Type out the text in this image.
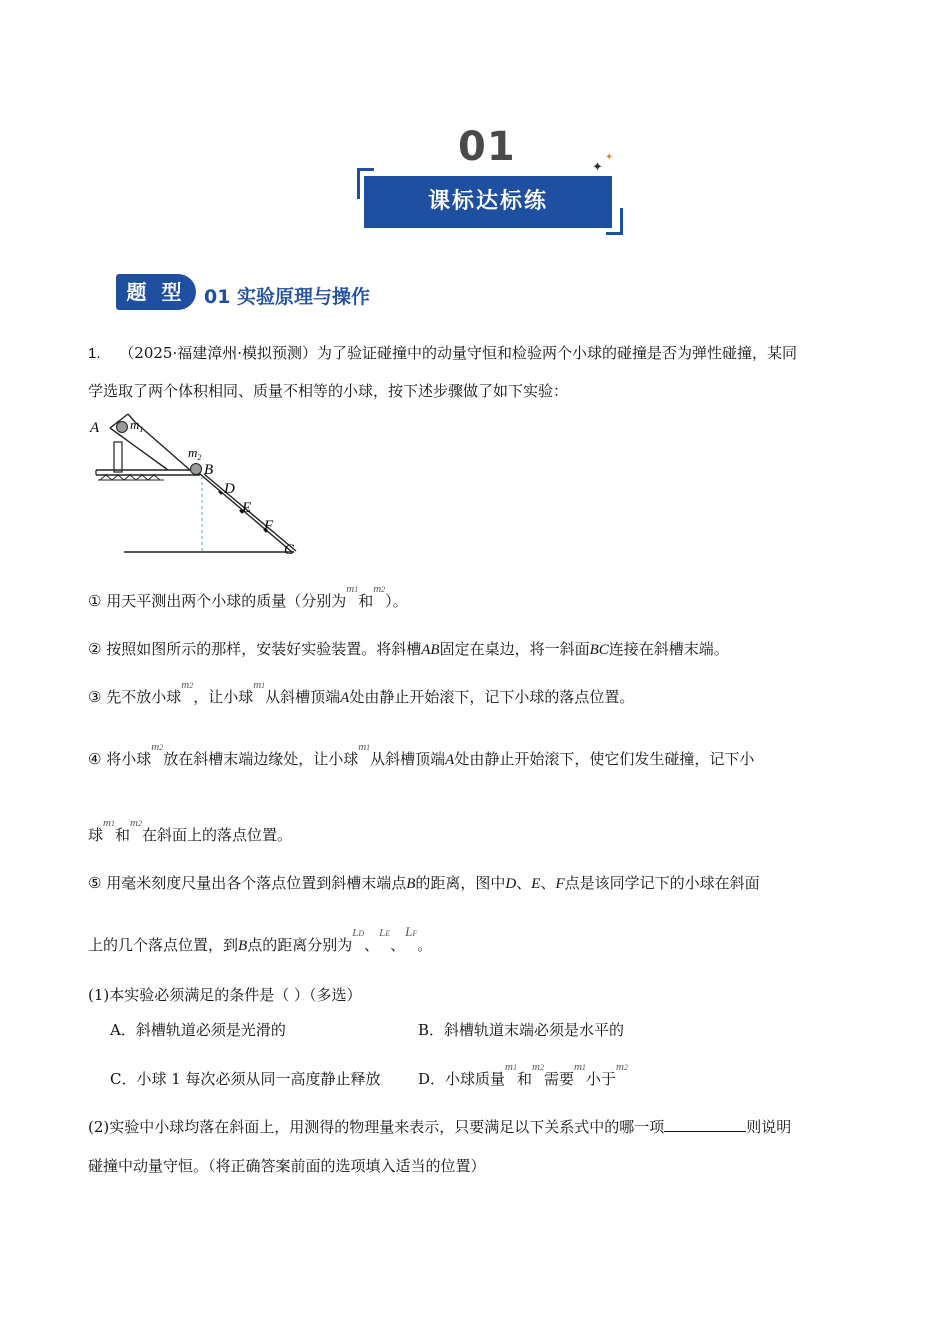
01	✦
✦
课标达标练
题 型 01 实验原理与操作
1. （2025·福建漳州·模拟预测）为了验证碰撞中的动量守恒和检验两个小球的碰撞是否为弹性碰撞，某同
学选取了两个体积相同、质量不相等的小球，按下述步骤做了如下实验：
A $m_1$
$m_2$
B
D
E
F
C
① 用天平测出两个小球的质量（分别为$^{m1}$和$^{m2}$）。
② 按照如图所示的那样，安装好实验装置。将斜槽AB固定在桌边，将一斜面BC连接在斜槽末端。
③ 先不放小球$^{m2}$，让小球$^{m1}$从斜槽顶端A处由静止开始滚下，记下小球的落点位置。
④ 将小球$^{m2}$放在斜槽末端边缘处，让小球$^{m1}$从斜槽顶端A处由静止开始滚下，使它们发生碰撞，记下小
球$^{m1}$和$^{m2}$在斜面上的落点位置。
⑤ 用毫米刻度尺量出各个落点位置到斜槽末端点B的距离，图中D、E、F点是该同学记下的小球在斜面
上的几个落点位置，到B点的距离分别为$^{LD}$、$^{LE}$、LF。
(1)本实验必须满足的条件是（ ）（多选）
A．斜槽轨道必须是光滑的	B．斜槽轨道末端必须是水平的
C．小球 1 每次必须从同一高度静止释放 D．小球质量$^{m1}$和$^{m2}$需要$^{m1}$小于$^{m2}$
(2)实验中小球均落在斜面上，用测得的物理量来表示，只要满足以下关系式中的哪一项	则说明
碰撞中动量守恒。（将正确答案前面的选项填入适当的位置）
